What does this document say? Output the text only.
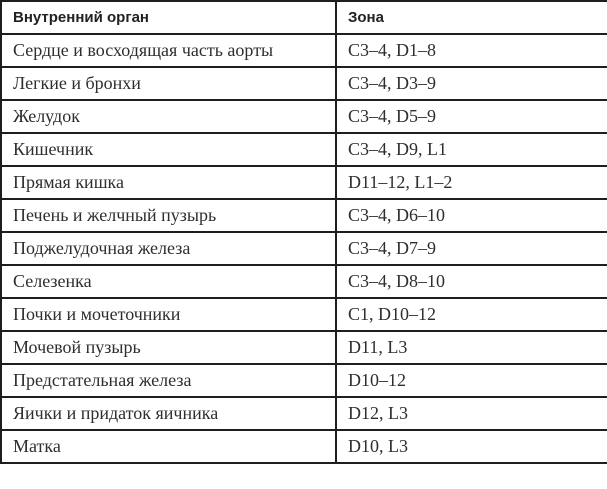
Внутренний орган	Зона
Сердце и восходящая часть аорты	C3–4, D1–8
Легкие и бронхи	C3–4, D3–9
Желудок	C3–4, D5–9
Кишечник	C3–4, D9, L1
Прямая кишка	D11–12, L1–2
Печень и желчный пузырь	C3–4, D6–10
Поджелудочная железа	C3–4, D7–9
Селезенка	C3–4, D8–10
Почки и мочеточники	C1, D10–12
Мочевой пузырь	D11, L3
Предстательная железа	D10–12
Яички и придаток яичника	D12, L3
Матка	D10, L3
